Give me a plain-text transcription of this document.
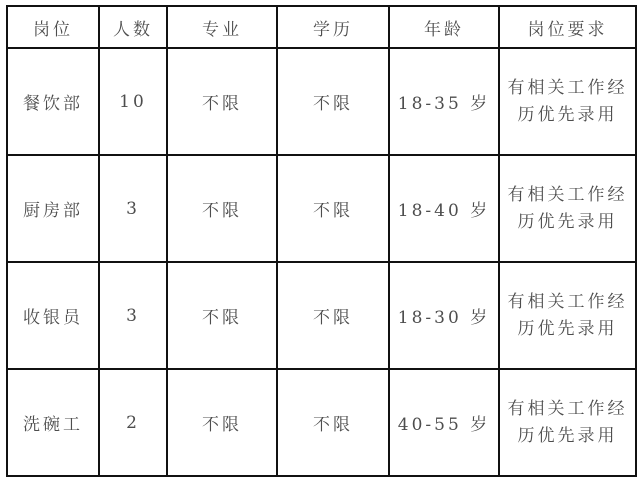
岗位	人数	专业	学历	年龄	岗位要求
餐饮部	10	不限	不限	18-35 岁	有相关工作经历优先录用
厨房部	3	不限	不限	18-40 岁	有相关工作经历优先录用
收银员	3	不限	不限	18-30 岁	有相关工作经历优先录用
洗碗工	2	不限	不限	40-55 岁	有相关工作经历优先录用
